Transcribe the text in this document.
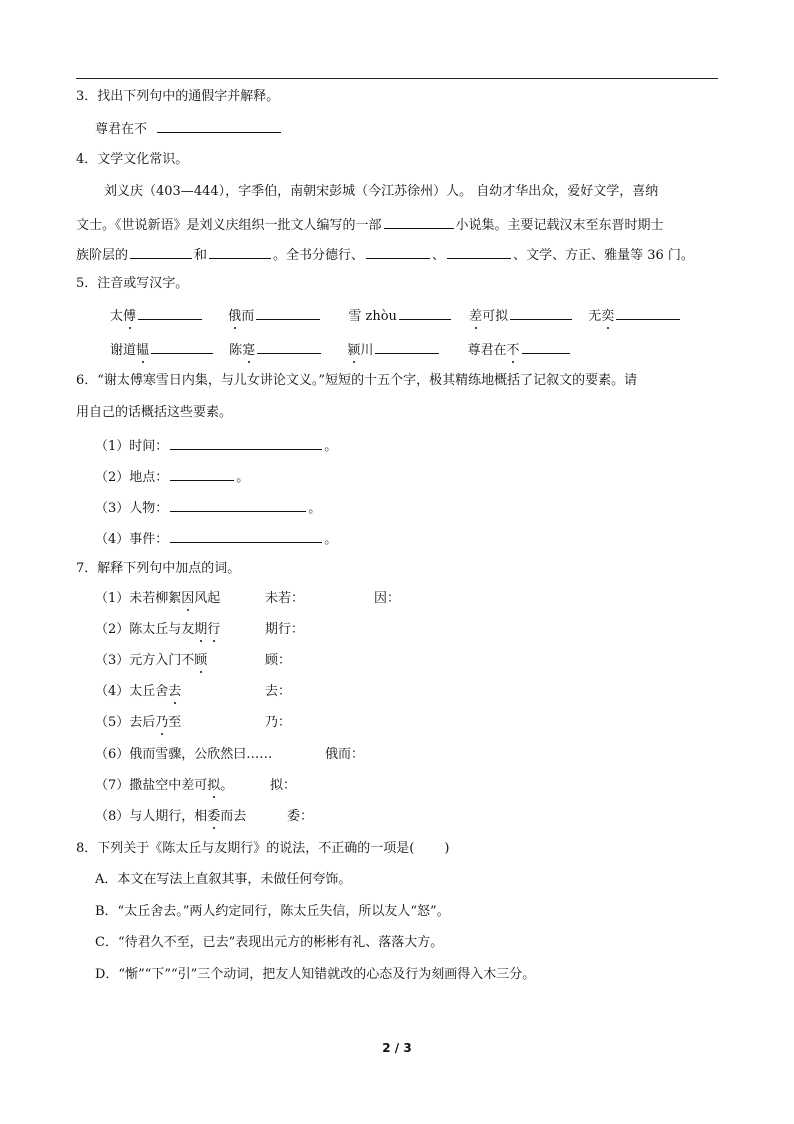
3．找出下列句中的通假字并解释。
尊君在不
4．文学文化常识。
刘义庆（403—444），字季伯，南朝宋彭城（今江苏徐州）人。 自幼才华出众，爱好文学，喜纳
文士。《世说新语》是刘义庆组织一批文人编写的一部	小说集。主要记载汉末至东晋时期士
族阶层的	和	。全书分德行、	、	、文学、方正、雅量等 36 门。
5．注音或写汉字。
太傅	俄而	雪 zhòu	差可拟	无奕
谢道韫	陈寔	颍川	尊君在不
6．“谢太傅寒雪日内集，与儿女讲论文义。”短短的十五个字，极其精练地概括了记叙文的要素。请
用自己的话概括这些要素。
（1）时间：	。
（2）地点：	。
（3）人物：	。
（4）事件：	。
7．解释下列句中加点的词。
（1）未若柳絮因风起	未若：	因：
（2）陈太丘与友期行	期行：
（3）元方入门不顾	顾：
（4）太丘舍去	去：
（5）去后乃至	乃：
（6）俄而雪骤，公欣然曰……	俄而：
（7）撒盐空中差可拟。	拟：
（8）与人期行，相委而去	委：
8．下列关于《陈太丘与友期行》的说法，不正确的一项是( )
A．本文在写法上直叙其事，未做任何夸饰。
B．“太丘舍去。”两人约定同行，陈太丘失信，所以友人“怒”。
C．“待君久不至，已去”表现出元方的彬彬有礼、落落大方。
D．“惭”“下”“引”三个动词，把友人知错就改的心态及行为刻画得入木三分。
2 / 3
